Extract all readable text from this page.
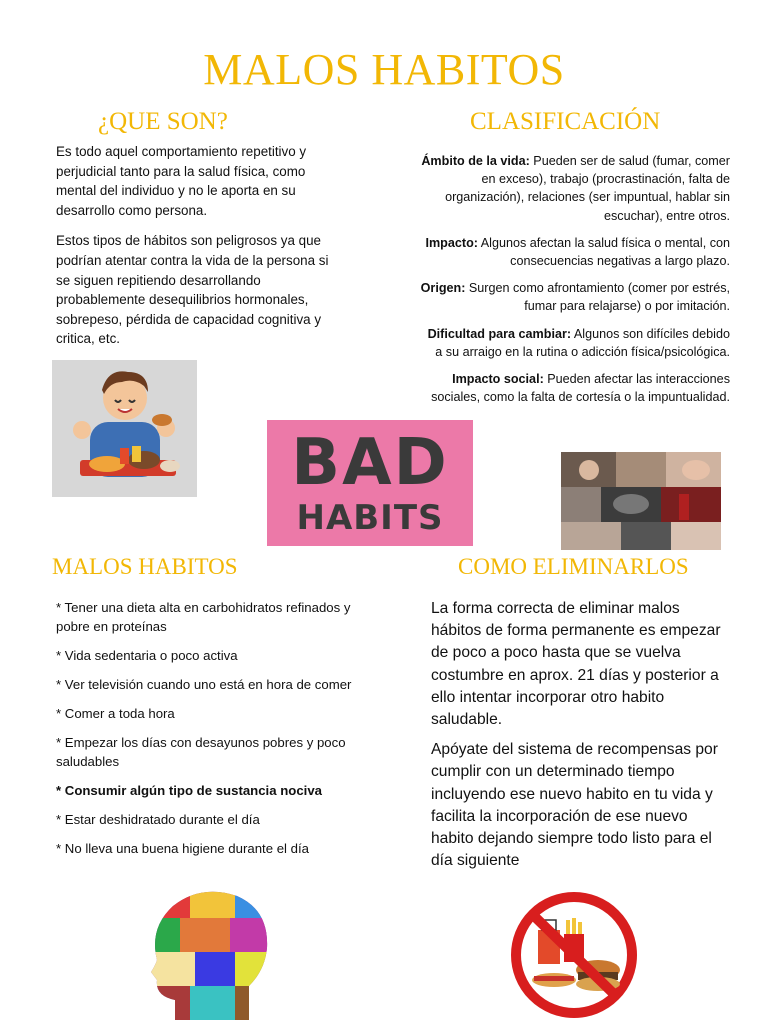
MALOS HABITOS
¿QUE SON?	CLASIFICACIÓN

Es todo aquel comportamiento repetitivo y perjudicial tanto para la salud física, como mental del individuo y no le aporta en su desarrollo como persona.

Estos tipos de hábitos son peligrosos ya que podrían atentar contra la vida de la persona si se siguen repitiendo desarrollando probablemente desequilibrios hormonales, sobrepeso, pérdida de capacidad cognitiva y critica, etc.

Ámbito de la vida: Pueden ser de salud (fumar, comer en exceso), trabajo (procrastinación, falta de organización), relaciones (ser impuntual, hablar sin escuchar), entre otros.

Impacto: Algunos afectan la salud física o mental, con consecuencias negativas a largo plazo.

Origen: Surgen como afrontamiento (comer por estrés, fumar para relajarse) o por imitación.

Dificultad para cambiar: Algunos son difíciles debido a su arraigo en la rutina o adicción física/psicológica.

Impacto social: Pueden afectar las interacciones sociales, como la falta de cortesía o la impuntualidad.

BAD
HABITS
MALOS HABITOS	COMO ELIMINARLOS

* Tener una dieta alta en carbohidratos refinados y pobre en proteínas

* Vida sedentaria o poco activa

* Ver televisión cuando uno está en hora de comer

* Comer a toda hora

* Empezar los días con desayunos pobres y poco saludables

* Consumir algún tipo de sustancia nociva

* Estar deshidratado durante el día

* No lleva una buena higiene durante el día

La forma correcta de eliminar malos hábitos de forma permanente es empezar de poco a poco hasta que se vuelva costumbre en aprox. 21 días y posterior a ello intentar incorporar otro habito saludable.

Apóyate del sistema de recompensas por cumplir con un determinado tiempo incluyendo ese nuevo habito en tu vida y facilita la incorporación de ese nuevo habito dejando siempre todo listo para el día siguiente
